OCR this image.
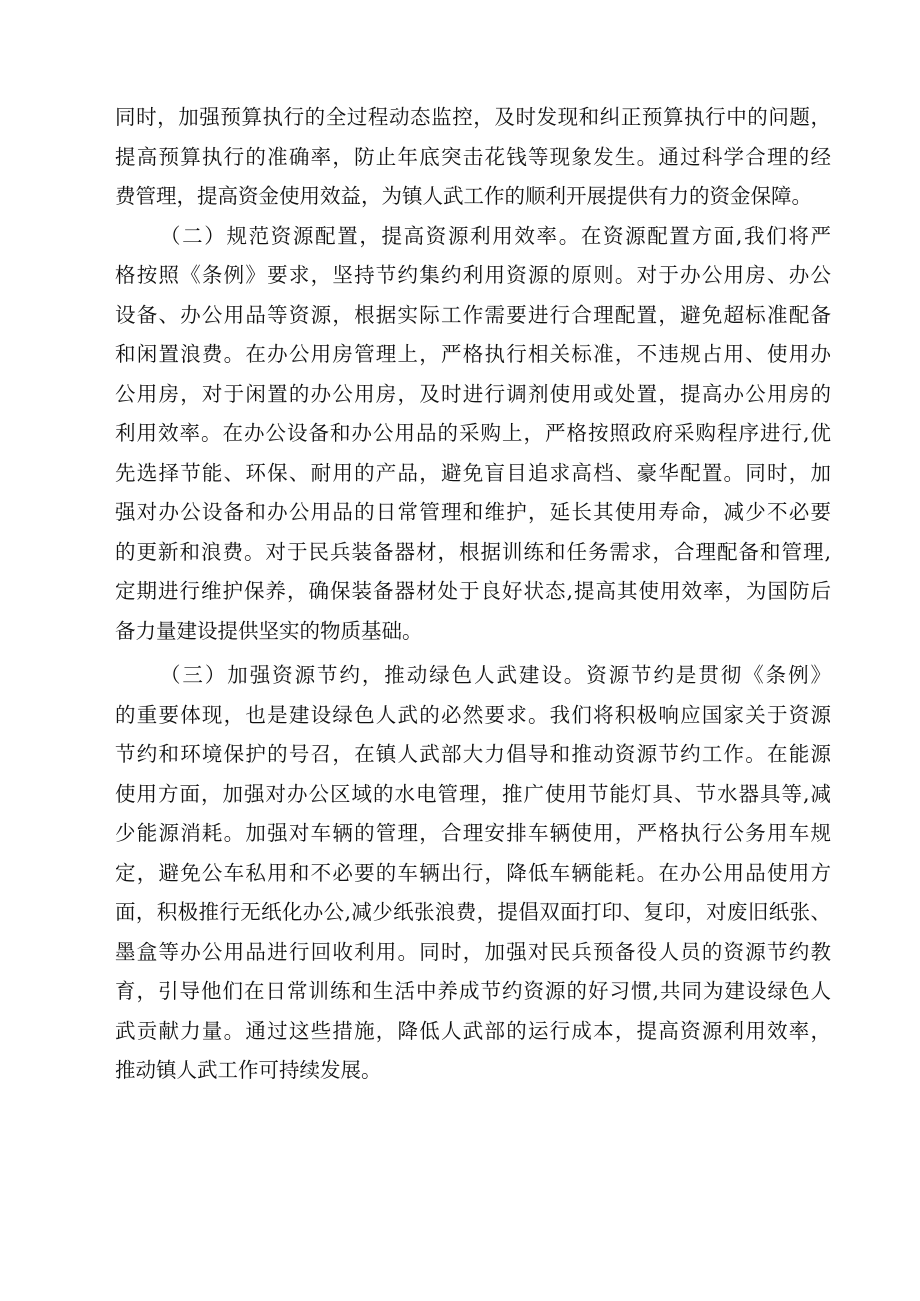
同时，加强预算执行的全过程动态监控，及时发现和纠正预算执行中的问题，
提高预算执行的准确率，防止年底突击花钱等现象发生。通过科学合理的经
费管理，提高资金使用效益，为镇人武工作的顺利开展提供有力的资金保障。
（二）规范资源配置，提高资源利用效率。在资源配置方面,我们将严
格按照《条例》要求，坚持节约集约利用资源的原则。对于办公用房、办公
设备、办公用品等资源，根据实际工作需要进行合理配置，避免超标准配备
和闲置浪费。在办公用房管理上，严格执行相关标准，不违规占用、使用办
公用房，对于闲置的办公用房，及时进行调剂使用或处置，提高办公用房的
利用效率。在办公设备和办公用品的采购上，严格按照政府采购程序进行,优
先选择节能、环保、耐用的产品，避免盲目追求高档、豪华配置。同时，加
强对办公设备和办公用品的日常管理和维护，延长其使用寿命，减少不必要
的更新和浪费。对于民兵装备器材，根据训练和任务需求，合理配备和管理,
定期进行维护保养，确保装备器材处于良好状态,提高其使用效率，为国防后
备力量建设提供坚实的物质基础。
（三）加强资源节约，推动绿色人武建设。资源节约是贯彻《条例》
的重要体现，也是建设绿色人武的必然要求。我们将积极响应国家关于资源
节约和环境保护的号召，在镇人武部大力倡导和推动资源节约工作。在能源
使用方面，加强对办公区域的水电管理，推广使用节能灯具、节水器具等,减
少能源消耗。加强对车辆的管理，合理安排车辆使用，严格执行公务用车规
定，避免公车私用和不必要的车辆出行，降低车辆能耗。在办公用品使用方
面，积极推行无纸化办公,减少纸张浪费，提倡双面打印、复印，对废旧纸张、
墨盒等办公用品进行回收利用。同时，加强对民兵预备役人员的资源节约教
育，引导他们在日常训练和生活中养成节约资源的好习惯,共同为建设绿色人
武贡献力量。通过这些措施，降低人武部的运行成本，提高资源利用效率，
推动镇人武工作可持续发展。
